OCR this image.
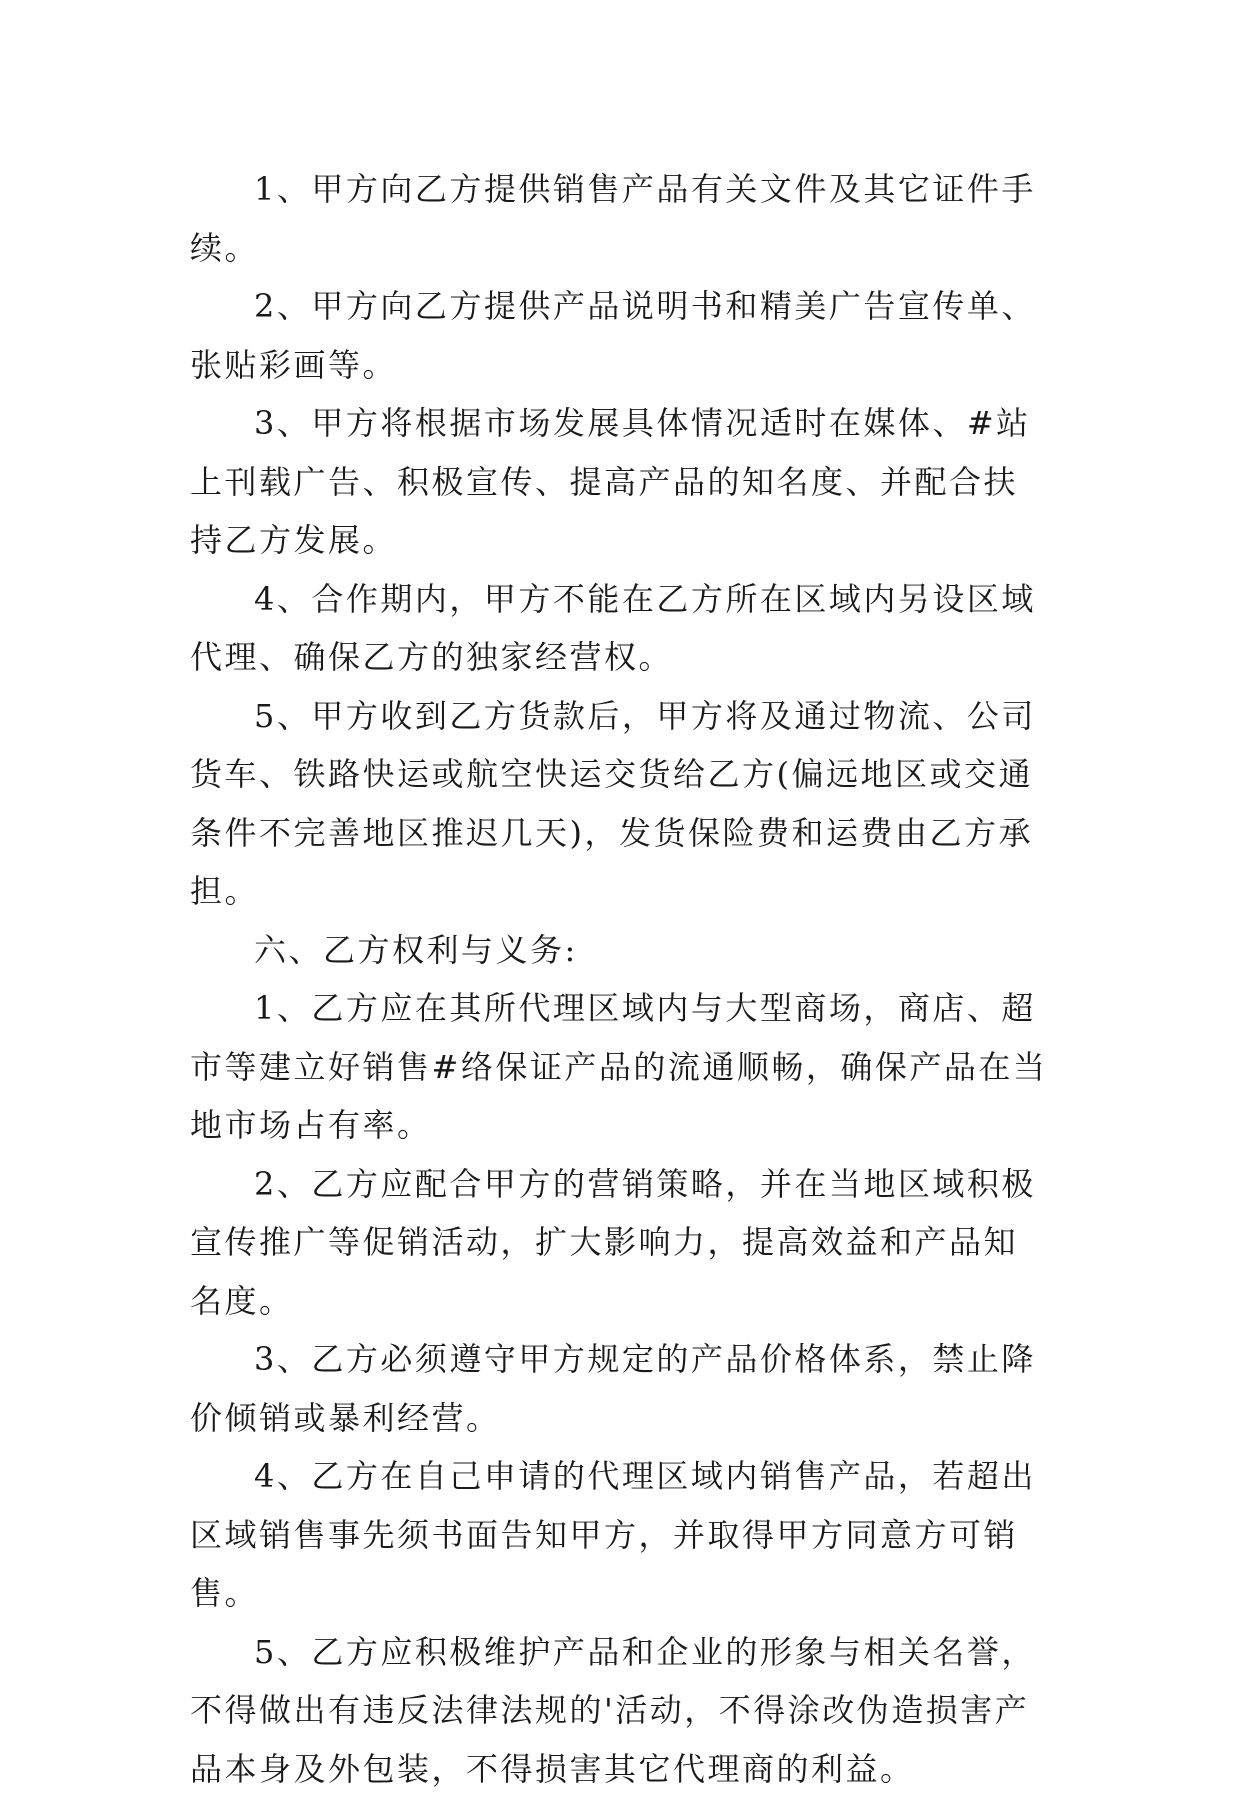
1、甲方向乙方提供销售产品有关文件及其它证件手续。

2、甲方向乙方提供产品说明书和精美广告宣传单、张贴彩画等。

3、甲方将根据市场发展具体情况适时在媒体、#站上刊载广告、积极宣传、提高产品的知名度、并配合扶持乙方发展。

4、合作期内，甲方不能在乙方所在区域内另设区域代理、确保乙方的独家经营权。

5、甲方收到乙方货款后，甲方将及通过物流、公司货车、铁路快运或航空快运交货给乙方(偏远地区或交通条件不完善地区推迟几天)，发货保险费和运费由乙方承担。

六、乙方权利与义务:

1、乙方应在其所代理区域内与大型商场，商店、超市等建立好销售#络保证产品的流通顺畅，确保产品在当地市场占有率。

2、乙方应配合甲方的营销策略，并在当地区域积极宣传推广等促销活动，扩大影响力，提高效益和产品知名度。

3、乙方必须遵守甲方规定的产品价格体系，禁止降价倾销或暴利经营。

4、乙方在自己申请的代理区域内销售产品，若超出区域销售事先须书面告知甲方，并取得甲方同意方可销售。

5、乙方应积极维护产品和企业的形象与相关名誉，不得做出有违反法律法规的'活动，不得涂改伪造损害产品本身及外包装，不得损害其它代理商的利益。
